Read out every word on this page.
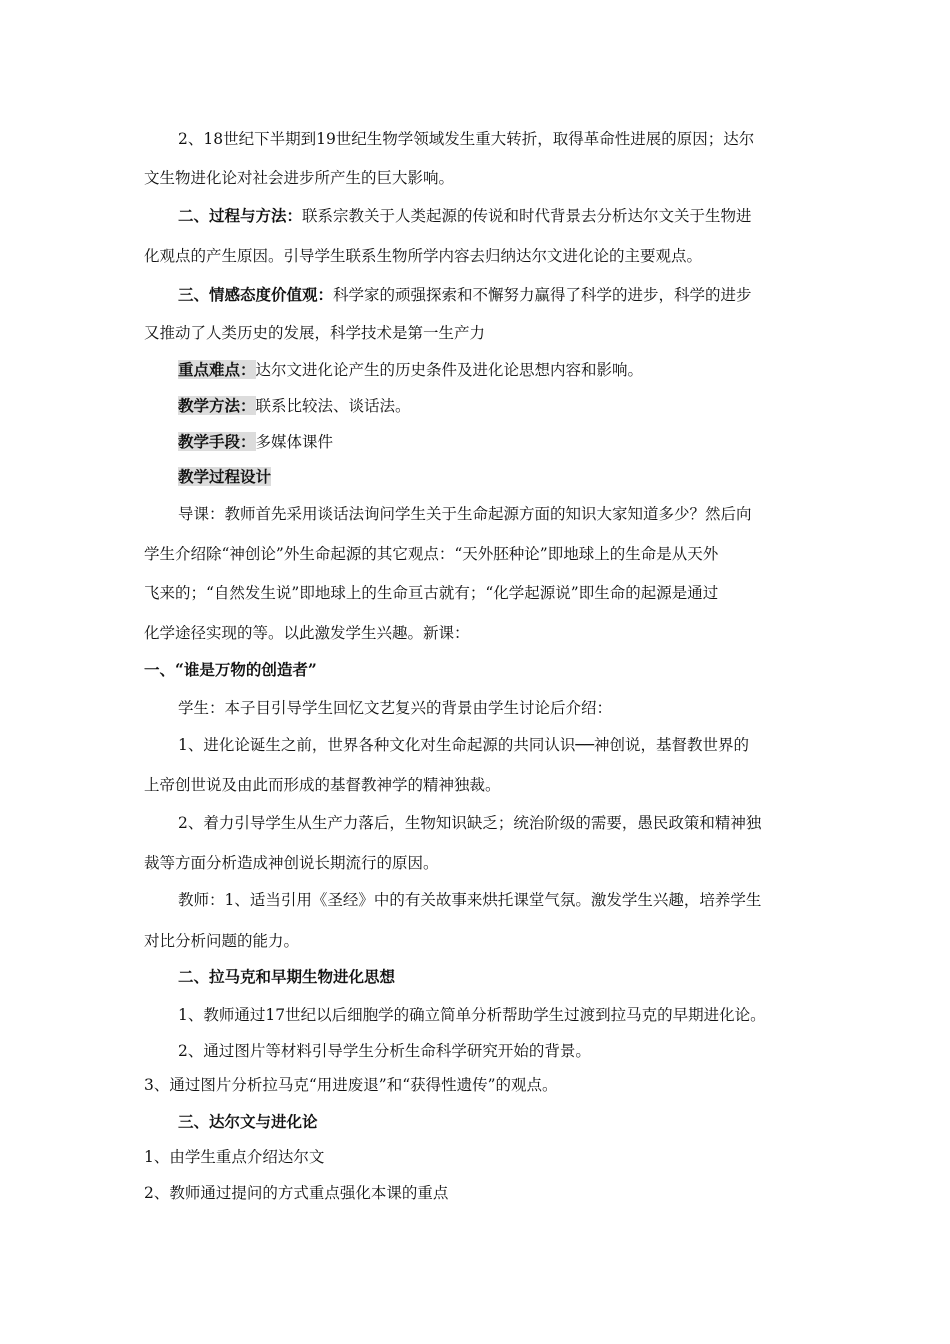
2、18世纪下半期到19世纪生物学领域发生重大转折，取得革命性进展的原因；达尔
文生物进化论对社会进步所产生的巨大影响。
二、过程与方法：联系宗教关于人类起源的传说和时代背景去分析达尔文关于生物进
化观点的产生原因。引导学生联系生物所学内容去归纳达尔文进化论的主要观点。
三、情感态度价值观：科学家的顽强探索和不懈努力赢得了科学的进步，科学的进步
又推动了人类历史的发展，科学技术是第一生产力
重点难点：达尔文进化论产生的历史条件及进化论思想内容和影响。
教学方法：联系比较法、谈话法。
教学手段：多媒体课件
教学过程设计
导课：教师首先采用谈话法询问学生关于生命起源方面的知识大家知道多少？然后向
学生介绍除“神创论”外生命起源的其它观点：“天外胚种论”即地球上的生命是从天外
飞来的；“自然发生说”即地球上的生命亘古就有；“化学起源说”即生命的起源是通过
化学途径实现的等。以此激发学生兴趣。新课：
一、“谁是万物的创造者”
学生：本子目引导学生回忆文艺复兴的背景由学生讨论后介绍：
1、进化论诞生之前，世界各种文化对生命起源的共同认识──神创说，基督教世界的
上帝创世说及由此而形成的基督教神学的精神独裁。
2、着力引导学生从生产力落后，生物知识缺乏；统治阶级的需要，愚民政策和精神独
裁等方面分析造成神创说长期流行的原因。
教师：1、适当引用《圣经》中的有关故事来烘托课堂气氛。激发学生兴趣，培养学生
对比分析问题的能力。
二、拉马克和早期生物进化思想
1、教师通过17世纪以后细胞学的确立简单分析帮助学生过渡到拉马克的早期进化论。
2、通过图片等材料引导学生分析生命科学研究开始的背景。
3、通过图片分析拉马克“用进废退”和“获得性遗传”的观点。
三、达尔文与进化论
1、由学生重点介绍达尔文
2、教师通过提问的方式重点强化本课的重点
